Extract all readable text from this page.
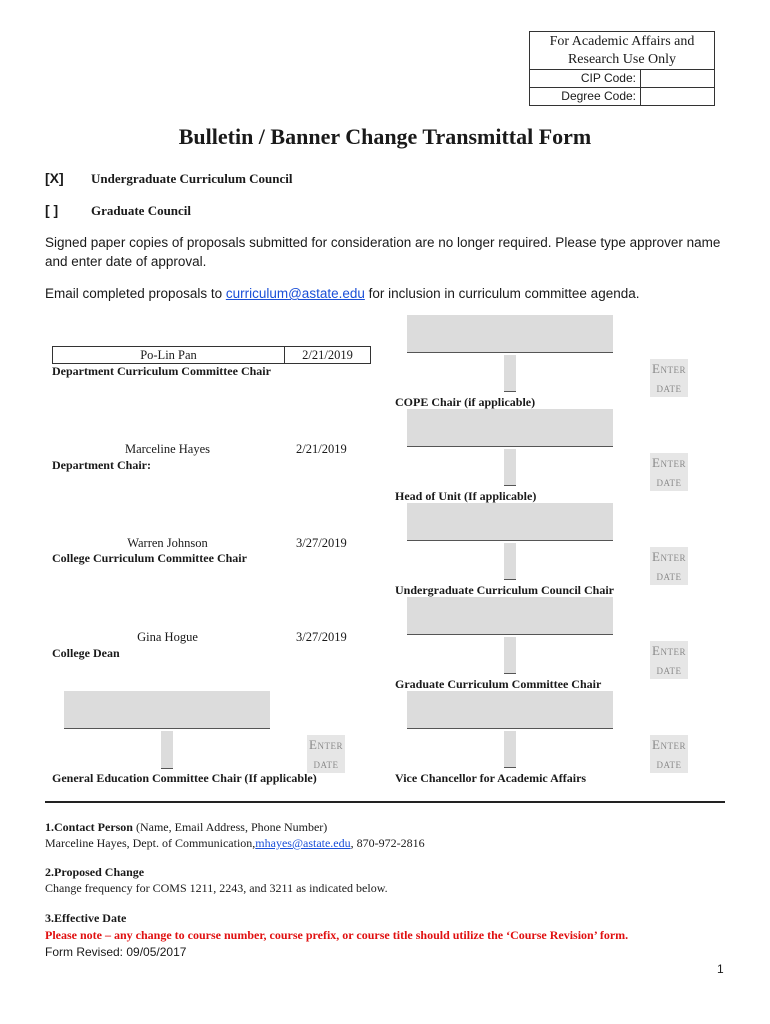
For Academic Affairs and Research Use Only
CIP Code:
Degree Code:
Bulletin / Banner Change Transmittal Form
[X] Undergraduate Curriculum Council
[ ]	Graduate Council
Signed paper copies of proposals submitted for consideration are no longer required. Please type approver name and enter date of approval.
Email completed proposals to curriculum@astate.edu for inclusion in curriculum committee agenda.
Po-Lin Pan	2/21/2019
Department Curriculum Committee Chair
Marceline Hayes	2/21/2019
Department Chair:
Warren Johnson	3/27/2019
College Curriculum Committee Chair
Gina Hogue	3/27/2019
College Dean
Enter date
General Education Committee Chair (If applicable)
Enter date
COPE Chair (if applicable)
Enter date
Head of Unit (If applicable)
Enter date
Undergraduate Curriculum Council Chair
Enter date
Graduate Curriculum Committee Chair
Enter date
Vice Chancellor for Academic Affairs
1.Contact Person (Name, Email Address, Phone Number)
Marceline Hayes, Dept. of Communication,mhayes@astate.edu, 870-972-2816
2.Proposed Change
Change frequency for COMS 1211, 2243, and 3211 as indicated below.
3.Effective Date
Please note – any change to course number, course prefix, or course title should utilize the ‘Course Revision’ form.
Form Revised: 09/05/2017
1
